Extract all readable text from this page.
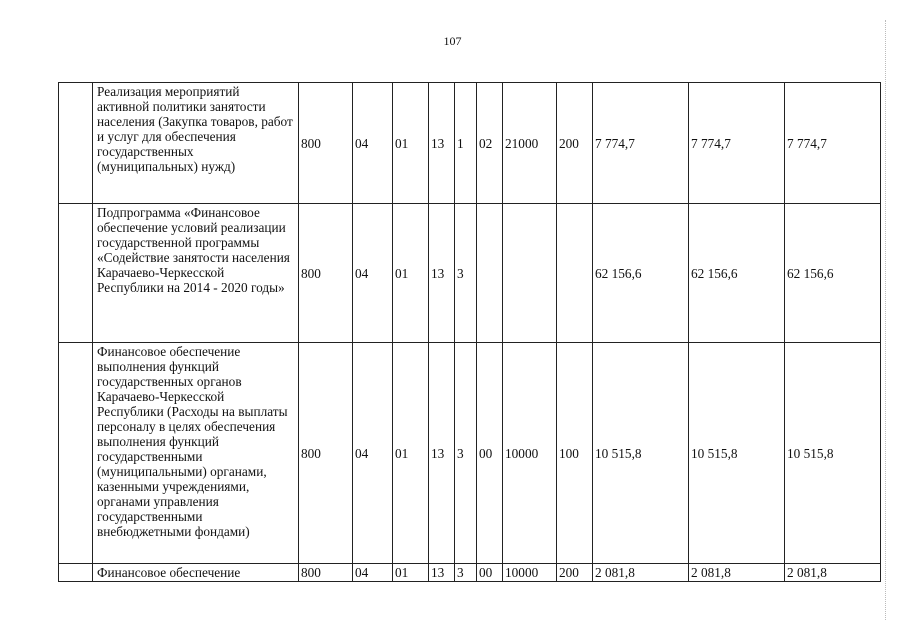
107
	Реализация мероприятий активной политики занятости населения (Закупка товаров, работ и услуг для обеспечения государственных (муниципальных) нужд)	800	04	01	13	1	02	21000	200	7 774,7	7 774,7	7 774,7
	Подпрограмма «Финансовое обеспечение условий реализации государственной программы «Содействие занятости населения Карачаево-Черкесской Республики на 2014 - 2020 годы»	800	04	01	13	3				62 156,6	62 156,6	62 156,6
	Финансовое обеспечение выполнения функций государственных органов Карачаево-Черкесской Республики (Расходы на выплаты персоналу в целях обеспечения выполнения функций государственными (муниципальными) органами, казенными учреждениями, органами управления государственными внебюджетными фондами)	800	04	01	13	3	00	10000	100	10 515,8	10 515,8	10 515,8
	Финансовое обеспечение	800	04	01	13	3	00	10000	200	2 081,8	2 081,8	2 081,8
